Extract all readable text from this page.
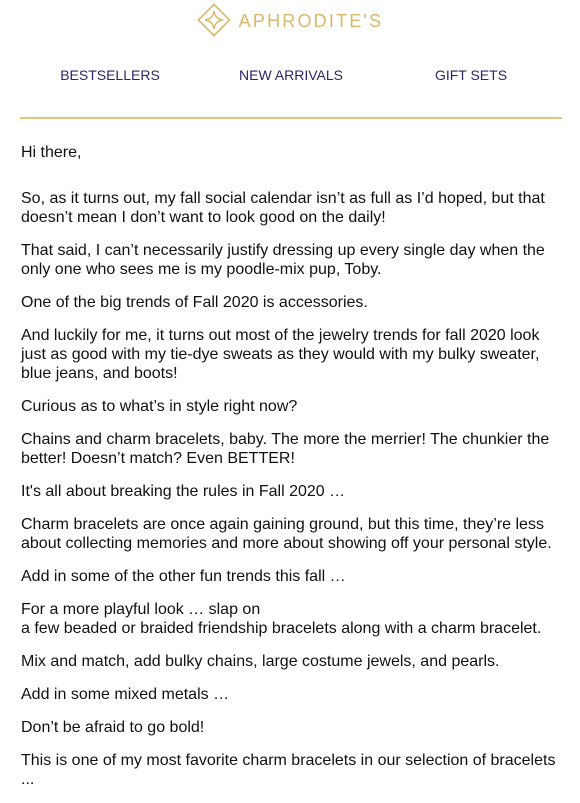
APHRODITE'S
BESTSELLERS	NEW ARRIVALS	GIFT SETS

Hi there,

So, as it turns out, my fall social calendar isn’t as full as I’d hoped, but that doesn’t mean I don’t want to look good on the daily!

That said, I can’t necessarily justify dressing up every single day when the only one who sees me is my poodle-mix pup, Toby.

One of the big trends of Fall 2020 is accessories.

And luckily for me, it turns out most of the jewelry trends for fall 2020 look just as good with my tie-dye sweats as they would with my bulky sweater, blue jeans, and boots!

Curious as to what’s in style right now?

Chains and charm bracelets, baby. The more the merrier! The chunkier the better! Doesn’t match? Even BETTER!

It's all about breaking the rules in Fall 2020 …

Charm bracelets are once again gaining ground, but this time, they’re less about collecting memories and more about showing off your personal style.

Add in some of the other fun trends this fall …

For a more playful look … slap on
a few beaded or braided friendship bracelets along with a charm bracelet.

Mix and match, add bulky chains, large costume jewels, and pearls.

Add in some mixed metals …

Don’t be afraid to go bold!

This is one of my most favorite charm bracelets in our selection of bracelets ...
